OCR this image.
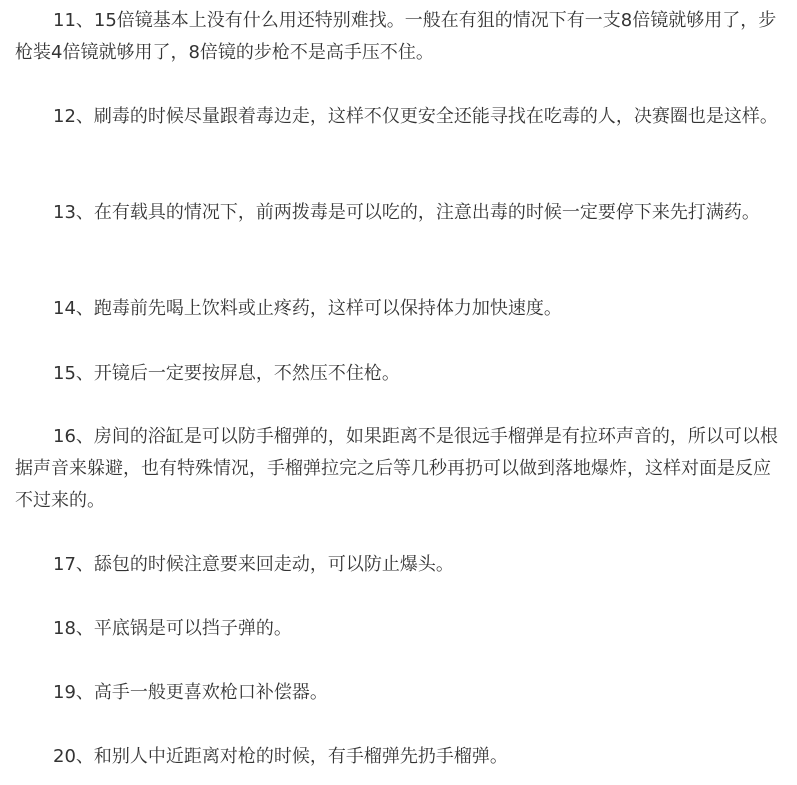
11、15倍镜基本上没有什么用还特别难找。一般在有狙的情况下有一支8倍镜就够用了，步枪装4倍镜就够用了，8倍镜的步枪不是高手压不住。

12、刷毒的时候尽量跟着毒边走，这样不仅更安全还能寻找在吃毒的人，决赛圈也是这样。

13、在有载具的情况下，前两拨毒是可以吃的，注意出毒的时候一定要停下来先打满药。

14、跑毒前先喝上饮料或止疼药，这样可以保持体力加快速度。

15、开镜后一定要按屏息，不然压不住枪。

16、房间的浴缸是可以防手榴弹的，如果距离不是很远手榴弹是有拉环声音的，所以可以根据声音来躲避，也有特殊情况，手榴弹拉完之后等几秒再扔可以做到落地爆炸，这样对面是反应不过来的。

17、舔包的时候注意要来回走动，可以防止爆头。

18、平底锅是可以挡子弹的。

19、高手一般更喜欢枪口补偿器。

20、和别人中近距离对枪的时候，有手榴弹先扔手榴弹。
